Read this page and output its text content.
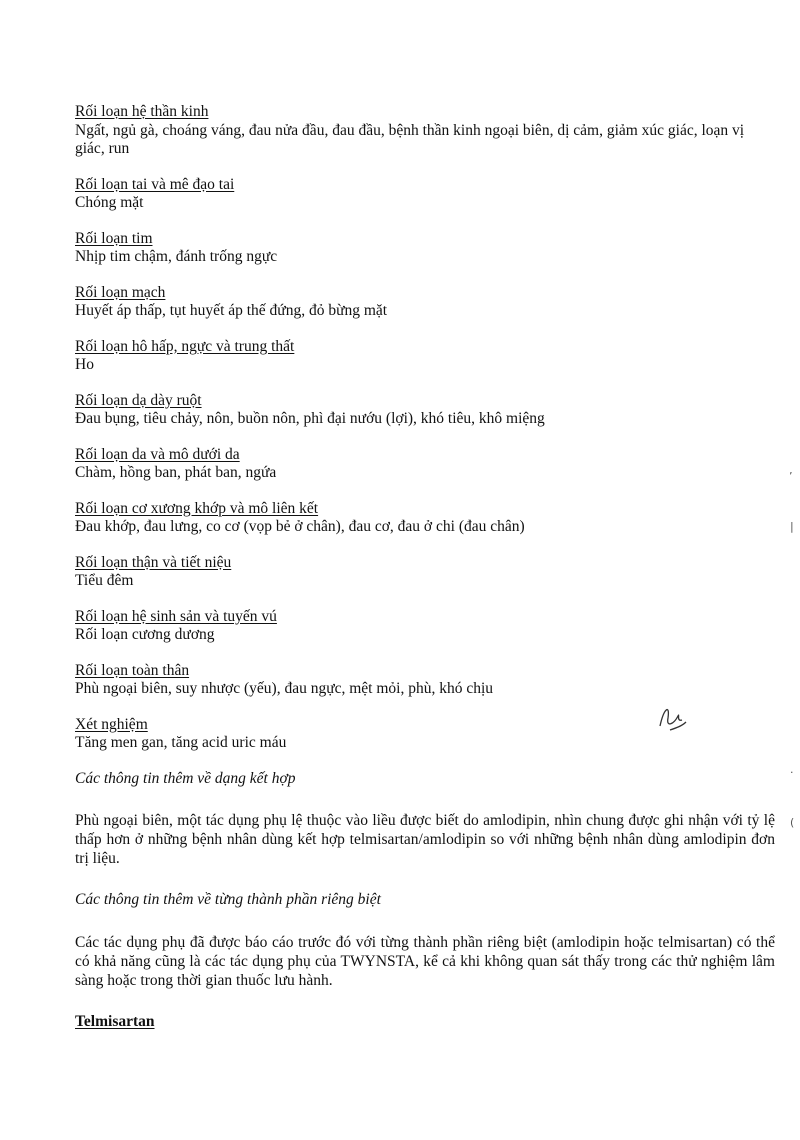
Rối loạn hệ thần kinh
Ngất, ngủ gà, choáng váng, đau nửa đầu, đau đầu, bệnh thần kinh ngoại biên, dị cảm, giảm xúc giác, loạn vị giác, run
Rối loạn tai và mê đạo tai
Chóng mặt
Rối loạn tim
Nhịp tim chậm, đánh trống ngực
Rối loạn mạch
Huyết áp thấp, tụt huyết áp thế đứng, đỏ bừng mặt
Rối loạn hô hấp, ngực và trung thất
Ho
Rối loạn dạ dày ruột
Đau bụng, tiêu chảy, nôn, buồn nôn, phì đại nướu (lợi), khó tiêu, khô miệng
Rối loạn da và mô dưới da
Chàm, hồng ban, phát ban, ngứa
Rối loạn cơ xương khớp và mô liên kết
Đau khớp, đau lưng, co cơ (vọp bẻ ở chân), đau cơ, đau ở chi (đau chân)
Rối loạn thận và tiết niệu
Tiểu đêm
Rối loạn hệ sinh sản và tuyến vú
Rối loạn cương dương
Rối loạn toàn thân
Phù ngoại biên, suy nhược (yếu), đau ngực, mệt mỏi, phù, khó chịu
Xét nghiệm
Tăng men gan, tăng acid uric máu
Các thông tin thêm về dạng kết hợp
Phù ngoại biên, một tác dụng phụ lệ thuộc vào liều được biết do amlodipin, nhìn chung được ghi nhận với tỷ lệ thấp hơn ở những bệnh nhân dùng kết hợp telmisartan/amlodipin so với những bệnh nhân dùng amlodipin đơn trị liệu.
Các thông tin thêm về từng thành phần riêng biệt
Các tác dụng phụ đã được báo cáo trước đó với từng thành phần riêng biệt (amlodipin hoặc telmisartan) có thể có khả năng cũng là các tác dụng phụ của TWYNSTA, kể cả khi không quan sát thấy trong các thử nghiệm lâm sàng hoặc trong thời gian thuốc lưu hành.
Telmisartan
ʼ
|
·
(
